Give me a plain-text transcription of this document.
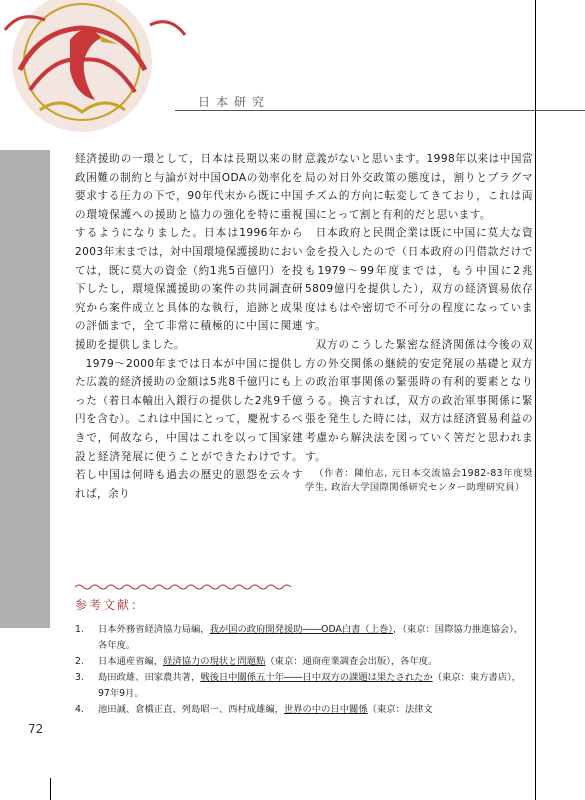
日本研究

経済援助の一環として，日本は長期以来の財政困難の制約と与論が対中国ODAの効率化を要求する圧力の下で，90年代末から既に中国の環境保護への援助と協力の強化を特に重視するようになりました。日本は1996年から2003年末までは，対中国環境保護援助においては，既に莫大の資金（約1兆5百億円）を投下したし，環境保護援助の案件の共同調査研究から案件成立と具体的な執行，追跡と成果の評価まで，全て非常に積極的に中国に関連援助を提供しました。

1979～2000年までは日本が中国に提供した広義的経済援助の金額は5兆8千億円にも上った（着日本輸出入銀行の提供した2兆9千億円を含む）。これは中国にとって，慶祝するべきで，何故なら，中国はこれを以って国家建設と経済発展に使うことができたわけです。若し中国は何時も過去の歴史的恩怨を云々すれば，余り

意義がないと思います。1998年以来は中国當局の対日外交政策の態度は，割りとプラグマチズム的方向に転変してきており，これは両国にとって割と有利的だと思います。

日本政府と民間企業は既に中国に莫大な資金を投入したので（日本政府の円借款だけでも1979～99年度までは，もう中国に2兆5809億円を提供した），双方の経済貿易依存度はもはや密切で不可分の程度になっています。

双方のこうした緊密な経済関係は今後の双方の外交関係の継続的安定発展の基礎と双方の政治軍事関係の緊張時の有利的要素となりうる。換言すれば，双方の政治軍事関係に緊張を発生した時には，双方は経済貿易利益の考慮から解決法を図っていく筈だと思われます。

（作者：陳伯志, 元日本交流協会1982-83年度奨学生, 政治大学国際関係研究センター助理研究員）

参考文献：
1. 日本外務省経済協力局編，我が国の政府開発援助――ODA白書（上巻），（東京：国際協力推進協会），各年度。
2. 日本通産省編，経済協力の現状と問題點（東京：通商産業調査会出版），各年度。
3. 島田政雄、田家農共著，戦後日中關係五十年――日中双方の課題は果たされたか（東京：東方書店），97年9月。
4. 池田誠、倉橋正直、列島昭一、西村成雄編，世界の中の日中關係（東京：法律文
72
